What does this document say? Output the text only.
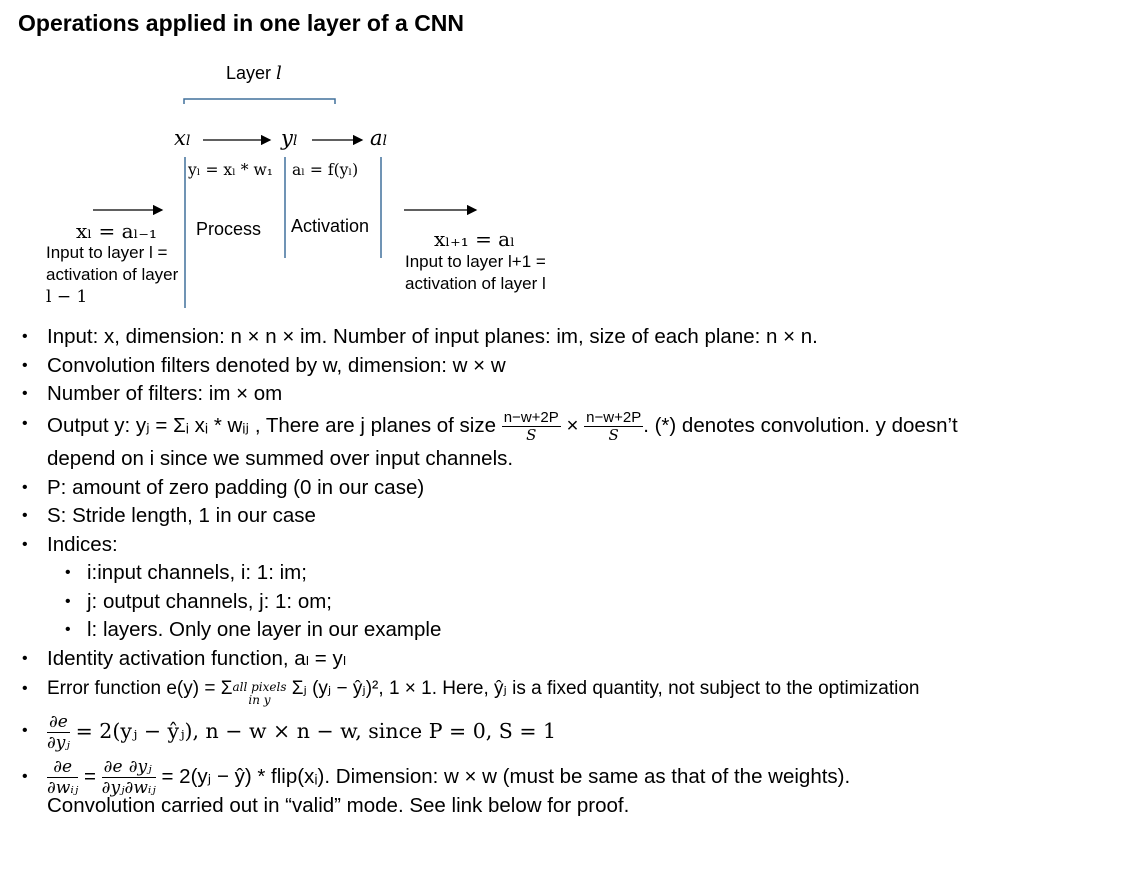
Operations applied in one layer of a CNN
Layer l
xl	yl	al
yₗ = xₗ * w₁ aₗ = f(yₗ)
Process Activation
xₗ = aₗ₋₁
Input to layer l =
activation of layer
l − 1
xₗ₊₁ = aₗ
Input to layer l+1 =
activation of layer l
• Input: x, dimension: n × n × im. Number of input planes: im, size of each plane: n × n.
• Convolution filters denoted by w, dimension: w × w
• Number of filters: im × om
• Output y: yⱼ = Σᵢ xᵢ * wᵢⱼ , There are j planes of size $\frac{n-w+2P}{S} \times \frac{n-w+2P}{S}$ . (*) denotes convolution. y doesn’t
depend on i since we summed over input channels.
• P: amount of zero padding (0 in our case)
• S: Stride length, 1 in our case
• Indices:
• i:input channels, i: 1: im;
• j: output channels, j: 1: om;
• l: layers. Only one layer in our example
• Identity activation function, aₗ = yₗ
• Error function e(y) = Σall pixels
in y Σⱼ (yⱼ − ŷⱼ)², 1 × 1. Here, ŷⱼ is a fixed quantity, not subject to the optimization
• $\frac{\partial e}{\text{∂yⱼ}}$ = 2(yⱼ − ŷⱼ), n − w × n − w, since P = 0, S = 1
• $\frac{\partial e}{\text{∂wᵢⱼ}} = \frac{\partial e}{\text{∂yⱼ}} \frac{\text{∂yⱼ}}{\text{∂wᵢⱼ}}$ = 2(yⱼ − ŷ) * flip(xᵢ). Dimension: w × w (must be same as that of the weights).
Convolution carried out in “valid” mode. See link below for proof.
